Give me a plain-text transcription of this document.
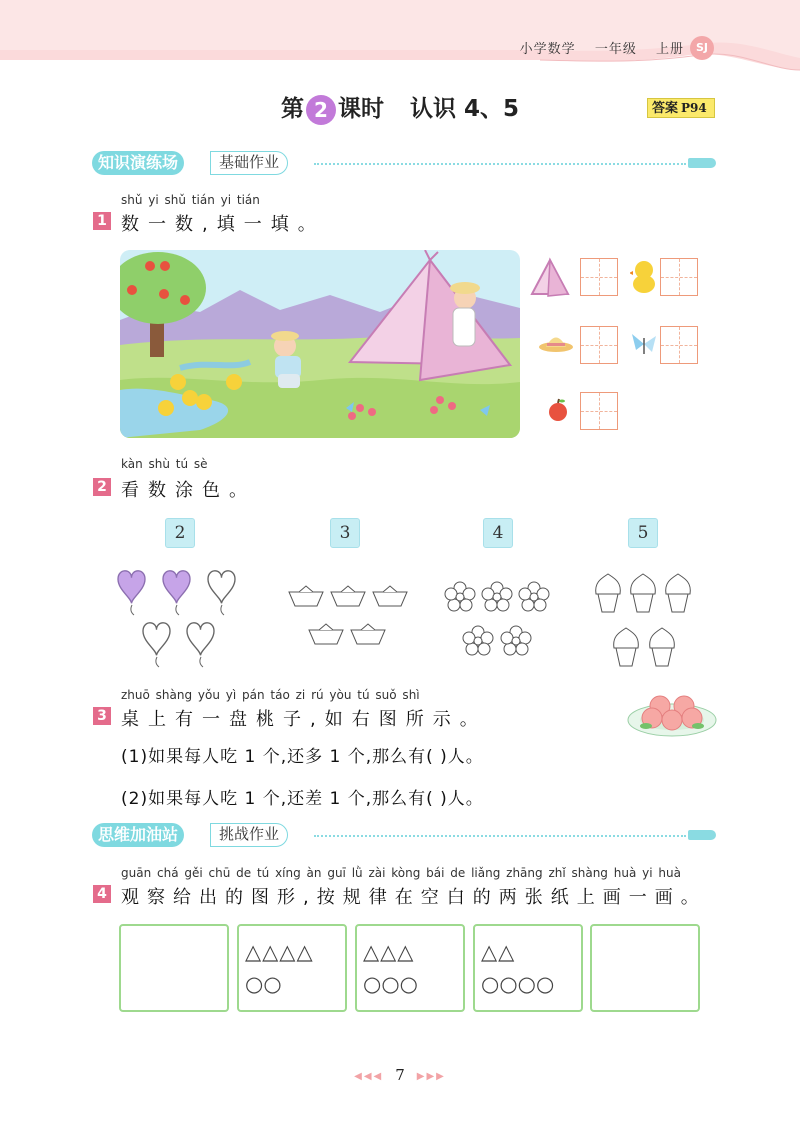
小学数学 一年级 上册	SJ
第 2 课时 认识 4、5	答案 P94
知识演练场	基础作业
shǔ yi shǔ tián yi tián
1 数一数,填一填。
kàn shù tú sè
2 看数涂色。
2	3	4	5
zhuō shàng yǒu yì pán táo zi rú yòu tú suǒ shì
3 桌上有一盘桃子,如右图所示。
(1)如果每人吃 1 个,还多 1 个,那么有( )人。
(2)如果每人吃 1 个,还差 1 个,那么有( )人。
思维加油站	挑战作业
guān chá gěi chū de tú xíng àn guī lǜ zài kòng bái de liǎng zhāng zhǐ shàng huà yi huà
4 观察给出的图形,按规律在空白的两张纸上画一画。
△△△△
○○
△△△
○○○
△△
○○○○
◀◀◀ 7 ▶▶▶
